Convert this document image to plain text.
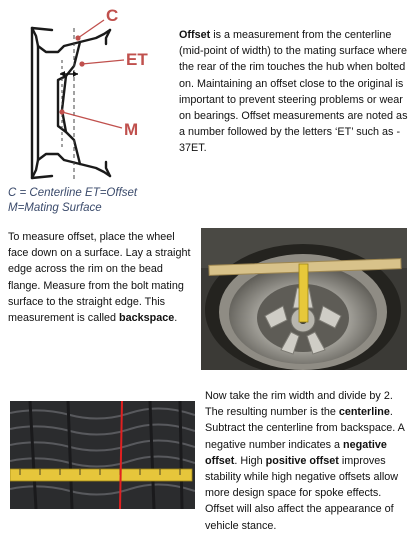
C
ET
M
C = Centerline ET=Offset
M=Mating Surface
Offset is a measurement from the centerline (mid-point of width) to the mating surface where the rear of the rim touches the hub when bolted on. Maintaining an offset close to the original is important to prevent steering problems or wear on bearings. Offset measurements are noted as a number followed by the letters ‘ET’ such as - 37ET.
To measure offset, place the wheel face down on a surface. Lay a straight edge across the rim on the bead flange. Measure from the bolt mating surface to the straight edge. This measurement is called backspace.
Now take the rim width and divide by 2. The resulting number is the centerline. Subtract the centerline from backspace. A negative number indicates a negative offset. High positive offset improves stability while high negative offsets allow more design space for spoke effects. Offset will also affect the appearance of vehicle stance.
